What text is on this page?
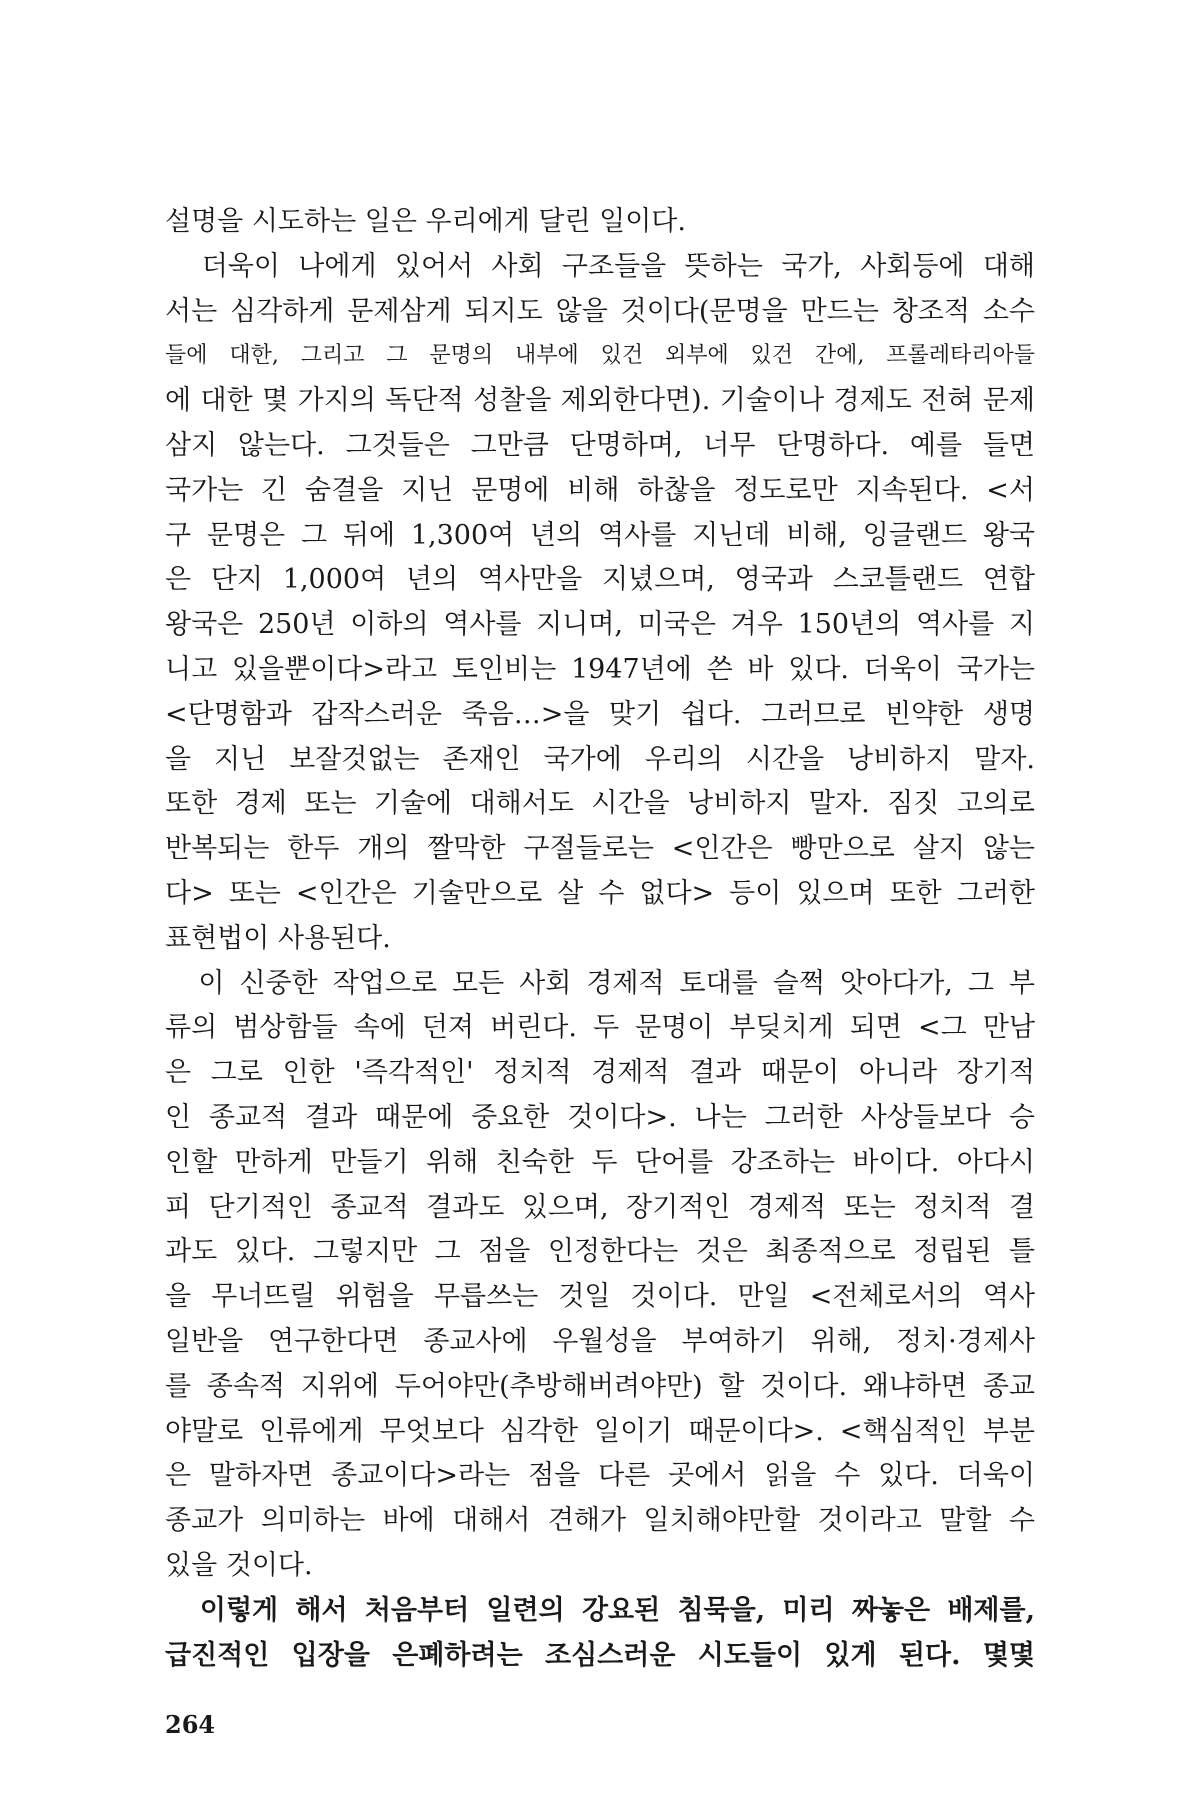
설명을 시도하는 일은 우리에게 달린 일이다.
　더욱이 나에게 있어서 사회 구조들을 뜻하는 국가, 사회등에 대해
서는 심각하게 문제삼게 되지도 않을 것이다(문명을 만드는 창조적 소수
들에 대한, 그리고 그 문명의 내부에 있건 외부에 있건 간에, 프롤레타리아들
에 대한 몇 가지의 독단적 성찰을 제외한다면). 기술이나 경제도 전혀 문제
삼지 않는다. 그것들은 그만큼 단명하며, 너무 단명하다. 예를 들면
국가는 긴 숨결을 지닌 문명에 비해 하찮을 정도로만 지속된다. <서
구 문명은 그 뒤에 1,300여 년의 역사를 지닌데 비해, 잉글랜드 왕국
은 단지 1,000여 년의 역사만을 지녔으며, 영국과 스코틀랜드 연합
왕국은 250년 이하의 역사를 지니며, 미국은 겨우 150년의 역사를 지
니고 있을뿐이다>라고 토인비는 1947년에 쓴 바 있다. 더욱이 국가는
<단명함과 갑작스러운 죽음…>을 맞기 쉽다. 그러므로 빈약한 생명
을 지닌 보잘것없는 존재인 국가에 우리의 시간을 낭비하지 말자.
또한 경제 또는 기술에 대해서도 시간을 낭비하지 말자. 짐짓 고의로
반복되는 한두 개의 짤막한 구절들로는 <인간은 빵만으로 살지 않는
다> 또는 <인간은 기술만으로 살 수 없다> 등이 있으며 또한 그러한
표현법이 사용된다.
　이 신중한 작업으로 모든 사회 경제적 토대를 슬쩍 앗아다가, 그 부
류의 범상함들 속에 던져 버린다. 두 문명이 부딪치게 되면 <그 만남
은 그로 인한 '즉각적인' 정치적 경제적 결과 때문이 아니라 장기적
인 종교적 결과 때문에 중요한 것이다>. 나는 그러한 사상들보다 승
인할 만하게 만들기 위해 친숙한 두 단어를 강조하는 바이다. 아다시
피 단기적인 종교적 결과도 있으며, 장기적인 경제적 또는 정치적 결
과도 있다. 그렇지만 그 점을 인정한다는 것은 최종적으로 정립된 틀
을 무너뜨릴 위험을 무릅쓰는 것일 것이다. 만일 <전체로서의 역사
일반을 연구한다면 종교사에 우월성을 부여하기 위해, 정치·경제사
를 종속적 지위에 두어야만(추방해버려야만) 할 것이다. 왜냐하면 종교
야말로 인류에게 무엇보다 심각한 일이기 때문이다>. <핵심적인 부분
은 말하자면 종교이다>라는 점을 다른 곳에서 읽을 수 있다. 더욱이
종교가 의미하는 바에 대해서 견해가 일치해야만할 것이라고 말할 수
있을 것이다.
　이렇게 해서 처음부터 일련의 강요된 침묵을, 미리 짜놓은 배제를,
급진적인 입장을 은폐하려는 조심스러운 시도들이 있게 된다. 몇몇
264
